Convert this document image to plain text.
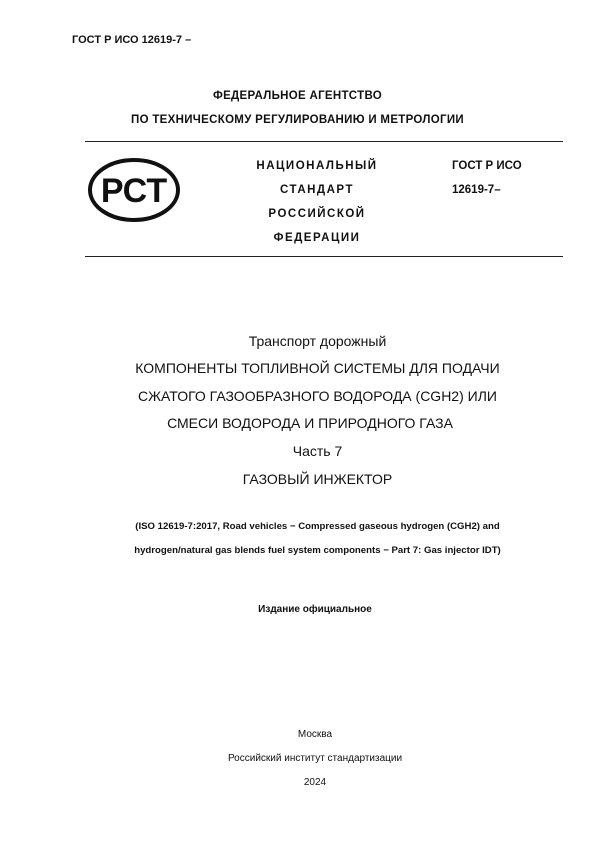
ГОСТ Р ИСО 12619-7 –
ФЕДЕРАЛЬНОЕ АГЕНТСТВО
ПО ТЕХНИЧЕСКОМУ РЕГУЛИРОВАНИЮ И МЕТРОЛОГИИ
РСТ
НАЦИОНАЛЬНЫЙ
СТАНДАРТ
РОССИЙСКОЙ
ФЕДЕРАЦИИ
ГОСТ Р ИСО
12619-7–
Транспорт дорожный
КОМПОНЕНТЫ ТОПЛИВНОЙ СИСТЕМЫ ДЛЯ ПОДАЧИ
СЖАТОГО ГАЗООБРАЗНОГО ВОДОРОДА (CGH2) ИЛИ
СМЕСИ ВОДОРОДА И ПРИРОДНОГО ГАЗА
Часть 7
ГАЗОВЫЙ ИНЖЕКТОР
(ISO 12619-7:2017, Road vehicles − Compressed gaseous hydrogen (CGH2) and
hydrogen/natural gas blends fuel system components − Part 7: Gas injector IDT)
Издание официальное
Москва
Российский институт стандартизации
2024
